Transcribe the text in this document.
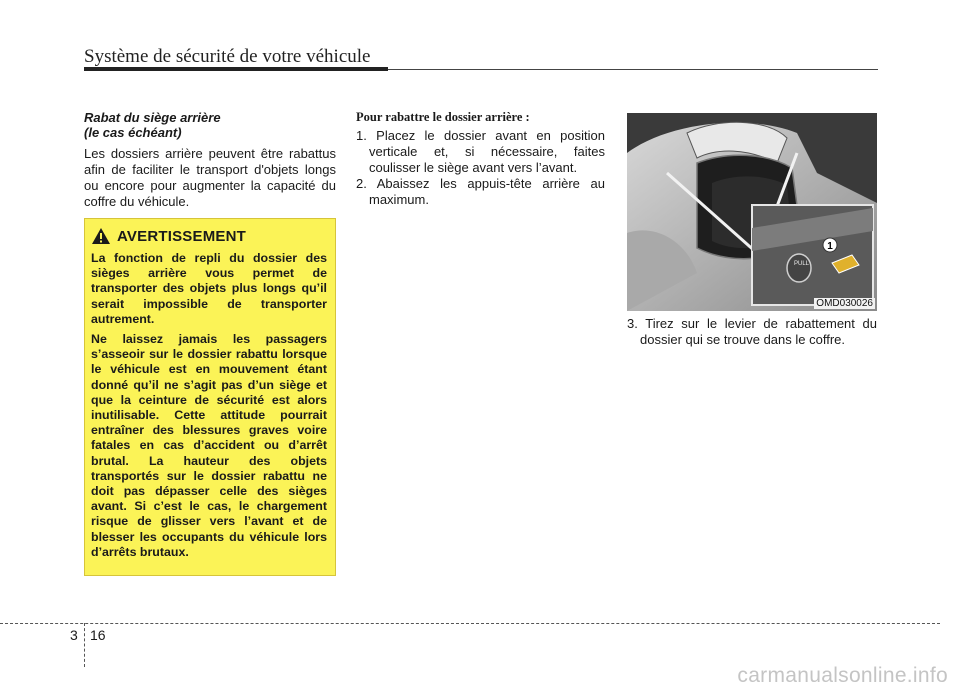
Système de sécurité de votre véhicule
Rabat du siège arrière
(le cas échéant)

Les dossiers arrière peuvent être rabattus afin de faciliter le transport d'objets longs ou encore pour augmenter la capacité du coffre du véhicule.

AVERTISSEMENT

La fonction de repli du dossier des sièges arrière vous permet de transporter des objets plus longs qu’il serait impossible de transporter autrement.

Ne laissez jamais les passagers s’asseoir sur le dossier rabattu lorsque le véhicule est en mouvement étant donné qu’il ne s’agit pas d’un siège et que la ceinture de sécurité est alors inutilisable. Cette attitude pourrait entraîner des blessures graves voire fatales en cas d’accident ou d’arrêt brutal. La hauteur des objets transportés sur le dossier rabattu ne doit pas dépasser celle des sièges avant. Si c’est le cas, le chargement risque de glisser vers l’avant et de blesser les occupants du véhicule lors d’arrêts brutaux.

Pour rabattre le dossier arrière :

1. Placez le dossier avant en position verticale et, si nécessaire, faites coulisser le siège avant vers l’avant.

2. Abaissez les appuis-tête arrière au maximum.

1
PULL
OMD030026

3. Tirez sur le levier de rabattement du dossier qui se trouve dans le coffre.

3 16
carmanualsonline.info
